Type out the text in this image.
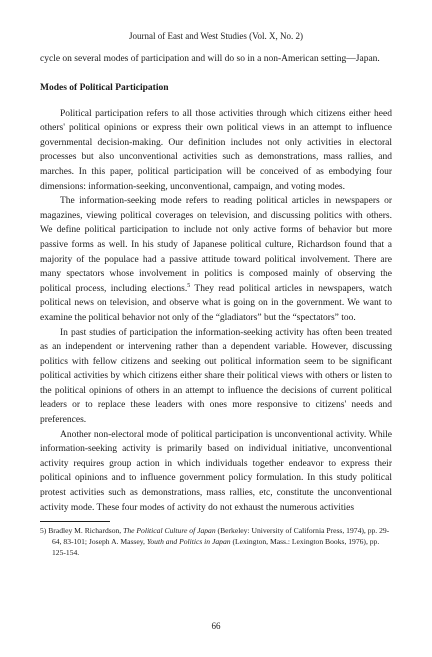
Journal of East and West Studies (Vol. X, No. 2)

cycle on several modes of participation and will do so in a non-American setting—Japan.

Modes of Political Participation

Political participation refers to all those activities through which citizens either heed others' political opinions or express their own political views in an attempt to influence governmental decision-making. Our definition includes not only activities in electoral processes but also unconventional activities such as demonstrations, mass rallies, and marches. In this paper, political participation will be conceived of as embodying four dimensions: information-seeking, unconventional, campaign, and voting modes.

The information-seeking mode refers to reading political articles in newspapers or magazines, viewing political coverages on television, and discussing politics with others. We define political participation to include not only active forms of behavior but more passive forms as well. In his study of Japanese political culture, Richardson found that a majority of the populace had a passive attitude toward political involvement. There are many spectators whose involvement in politics is composed mainly of observing the political process, including elections.$^5$ They read political articles in newspapers, watch political news on television, and observe what is going on in the government. We want to examine the political behavior not only of the “gladiators” but the “spectators” too.

In past studies of participation the information-seeking activity has often been treated as an independent or intervening rather than a dependent variable. However, discussing politics with fellow citizens and seeking out political information seem to be significant political activities by which citizens either share their political views with others or listen to the political opinions of others in an attempt to influence the decisions of current political leaders or to replace these leaders with ones more responsive to citizens' needs and preferences.

Another non-electoral mode of political participation is unconventional activity. While information-seeking activity is primarily based on individual initiative, unconventional activity requires group action in which individuals together endeavor to express their political opinions and to influence government policy formulation. In this study political protest activities such as demonstrations, mass rallies, etc, constitute the unconventional activity mode. These four modes of activity do not exhaust the numerous activities

5) Bradley M. Richardson, The Political Culture of Japan (Berkeley: University of California Press, 1974), pp. 29-64, 83-101; Joseph A. Massey, Youth and Politics in Japan (Lexington, Mass.: Lexington Books, 1976), pp. 125-154.
66
